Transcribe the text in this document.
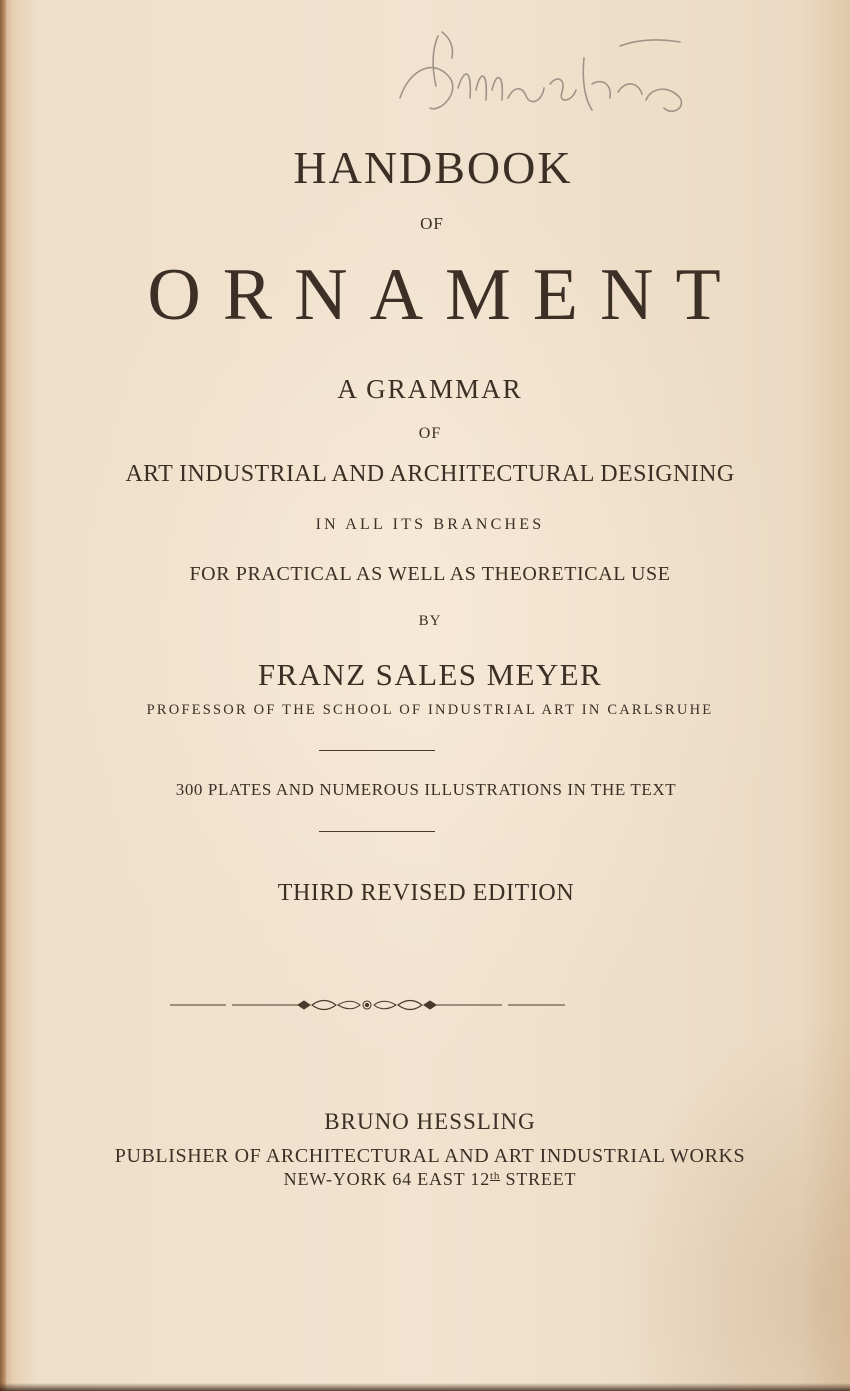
HANDBOOK
OF
ORNAMENT
A GRAMMAR
OF
ART INDUSTRIAL AND ARCHITECTURAL DESIGNING
IN ALL ITS BRANCHES
FOR PRACTICAL AS WELL AS THEORETICAL USE
BY
FRANZ SALES MEYER
PROFESSOR OF THE SCHOOL OF INDUSTRIAL ART IN CARLSRUHE
300 PLATES AND NUMEROUS ILLUSTRATIONS IN THE TEXT
THIRD REVISED EDITION
BRUNO HESSLING
PUBLISHER OF ARCHITECTURAL AND ART INDUSTRIAL WORKS
NEW-YORK 64 EAST 12th STREET
